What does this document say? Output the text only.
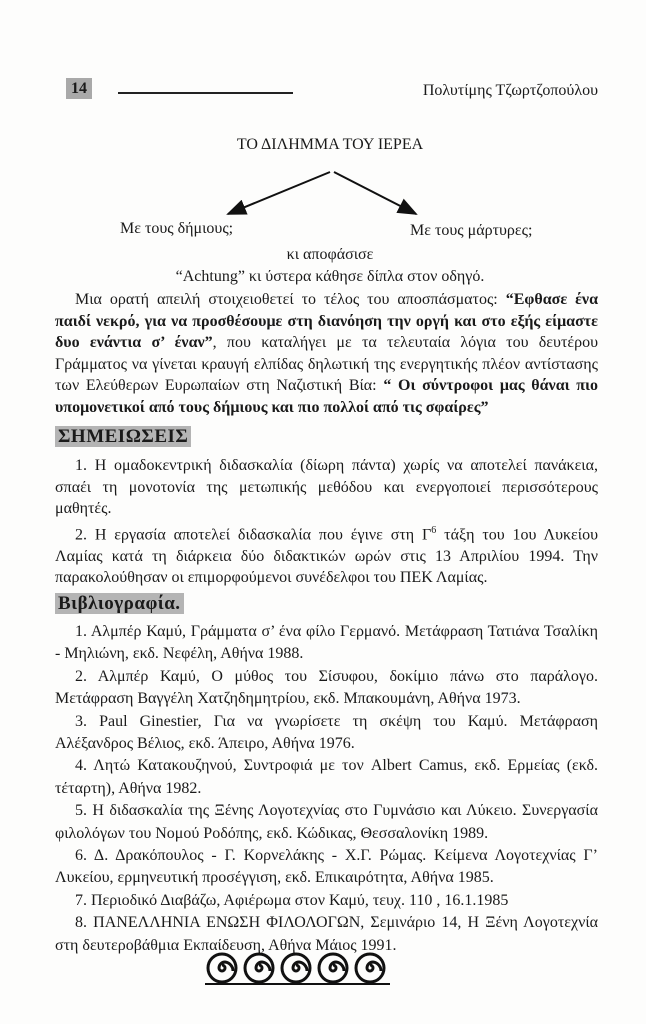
14	Πολυτίμης Τζωρτζοπούλου
ΤΟ ΔΙΛΗΜΜΑ ΤΟΥ ΙΕΡΕΑ
Με τους δήμιους;	Με τους μάρτυρες;
κι αποφάσισε
“Achtung” κι ύστερα κάθησε δίπλα στον οδηγό.

Μια ορατή απειλή στοιχειοθετεί το τέλος του αποσπάσματος: “Εφθασε ένα παιδί νεκρό, για να προσθέσουμε στη διανόηση την οργή και στο εξής είμαστε δυο ενάντια σ’ έναν”, που καταλήγει με τα τελευταία λόγια του δευτέρου Γράμματος να γίνεται κραυγή ελπίδας δηλωτική της ενεργητικής πλέον αντίστασης των Ελεύθερων Ευρωπαίων στη Ναζιστική Βία: “ Οι σύντροφοι μας θάναι πιο υπομονετικοί από τους δήμιους και πιο πολλοί από τις σφαίρες”

ΣΗΜΕΙΩΣΕΙΣ

1. Η ομαδοκεντρική διδασκαλία (δίωρη πάντα) χωρίς να αποτελεί πανάκεια, σπαέι τη μονοτονία της μετωπικής μεθόδου και ενεργοποιεί περισσότερους μαθητές.

2. Η εργασία αποτελεί διδασκαλία που έγινε στη $\Gamma^6$ τάξη του 1ου Λυκείου Λαμίας κατά τη διάρκεια δύο διδακτικών ωρών στις 13 Απριλίου 1994. Την παρακολούθησαν οι επιμορφούμενοι συνέδελφοι του ΠΕΚ Λαμίας.

Βιβλιογραφία.

1. Αλμπέρ Καμύ, Γράμματα σ’ ένα φίλο Γερμανό. Μετάφραση Τατιάνα Τσαλίκη - Μηλιώνη, εκδ. Νεφέλη, Αθήνα 1988.

2. Αλμπέρ Καμύ, Ο μύθος του Σίσυφου, δοκίμιο πάνω στο παράλογο. Μετάφραση Βαγγέλη Χατζηδημητρίου, εκδ. Μπακουμάνη, Αθήνα 1973.

3. Paul Ginestier, Για να γνωρίσετε τη σκέψη του Καμύ. Μετάφραση Αλέξανδρος Βέλιος, εκδ. Άπειρο, Αθήνα 1976.

4. Λητώ Κατακουζηνού, Συντροφιά με τον Albert Camus, εκδ. Ερμείας (εκδ. τέταρτη), Αθήνα 1982.

5. Η διδασκαλία της Ξένης Λογοτεχνίας στο Γυμνάσιο και Λύκειο. Συνεργασία φιλολόγων του Νομού Ροδόπης, εκδ. Κώδικας, Θεσσαλονίκη 1989.

6. Δ. Δρακόπουλος - Γ. Κορνελάκης - Χ.Γ. Ρώμας. Κείμενα Λογοτεχνίας Γ’ Λυκείου, ερμηνευτική προσέγγιση, εκδ. Επικαιρότητα, Αθήνα 1985.

7. Περιοδικό Διαβάζω, Αφιέρωμα στον Καμύ, τευχ. 110 , 16.1.1985

8. ΠΑΝΕΛΛΗΝΙΑ ΕΝΩΣΗ ΦΙΛΟΛΟΓΩΝ, Σεμινάριο 14, Η Ξένη Λογοτεχνία στη δευτεροβάθμια Εκπαίδευση, Αθήνα Μάιος 1991.
